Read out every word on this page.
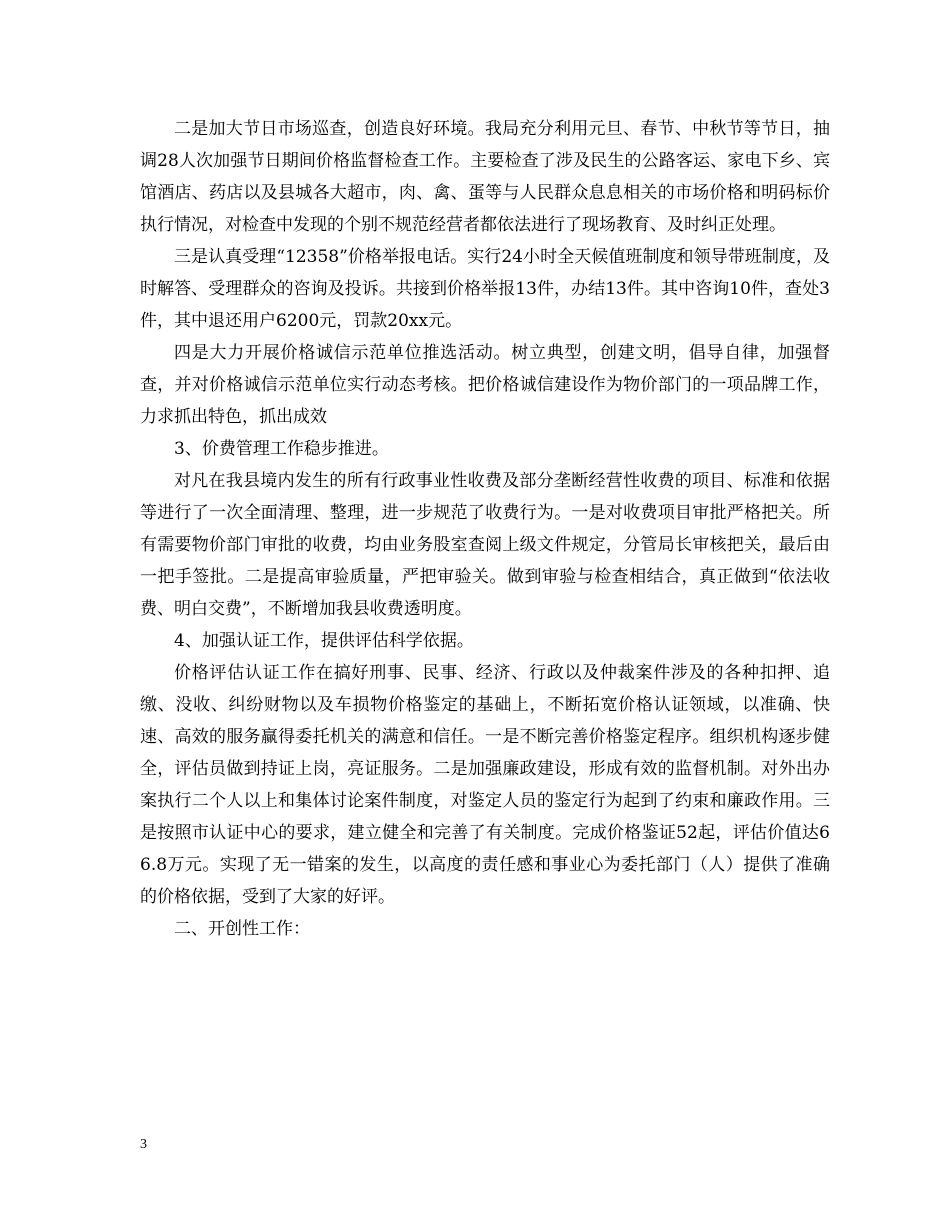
二是加大节日市场巡查，创造良好环境。我局充分利用元旦、春节、中秋节等节日，抽调28人次加强节日期间价格监督检查工作。主要检查了涉及民生的公路客运、家电下乡、宾馆酒店、药店以及县城各大超市，肉、禽、蛋等与人民群众息息相关的市场价格和明码标价执行情况，对检查中发现的个别不规范经营者都依法进行了现场教育、及时纠正处理。

三是认真受理“12358”价格举报电话。实行24小时全天候值班制度和领导带班制度，及时解答、受理群众的咨询及投诉。共接到价格举报13件，办结13件。其中咨询10件，查处3件，其中退还用户6200元，罚款20xx元。

四是大力开展价格诚信示范单位推选活动。树立典型，创建文明，倡导自律，加强督查，并对价格诚信示范单位实行动态考核。把价格诚信建设作为物价部门的一项品牌工作，力求抓出特色，抓出成效

3、价费管理工作稳步推进。

对凡在我县境内发生的所有行政事业性收费及部分垄断经营性收费的项目、标准和依据等进行了一次全面清理、整理，进一步规范了收费行为。一是对收费项目审批严格把关。所有需要物价部门审批的收费，均由业务股室查阅上级文件规定，分管局长审核把关，最后由一把手签批。二是提高审验质量，严把审验关。做到审验与检查相结合，真正做到“依法收费、明白交费”，不断增加我县收费透明度。

4、加强认证工作，提供评估科学依据。

价格评估认证工作在搞好刑事、民事、经济、行政以及仲裁案件涉及的各种扣押、追缴、没收、纠纷财物以及车损物价格鉴定的基础上，不断拓宽价格认证领域，以准确、快速、高效的服务赢得委托机关的满意和信任。一是不断完善价格鉴定程序。组织机构逐步健全，评估员做到持证上岗，亮证服务。二是加强廉政建设，形成有效的监督机制。对外出办案执行二个人以上和集体讨论案件制度，对鉴定人员的鉴定行为起到了约束和廉政作用。三是按照市认证中心的要求，建立健全和完善了有关制度。完成价格鉴证52起，评估价值达66.8万元。实现了无一错案的发生，以高度的责任感和事业心为委托部门（人）提供了准确的价格依据，受到了大家的好评。

二、开创性工作：

3
